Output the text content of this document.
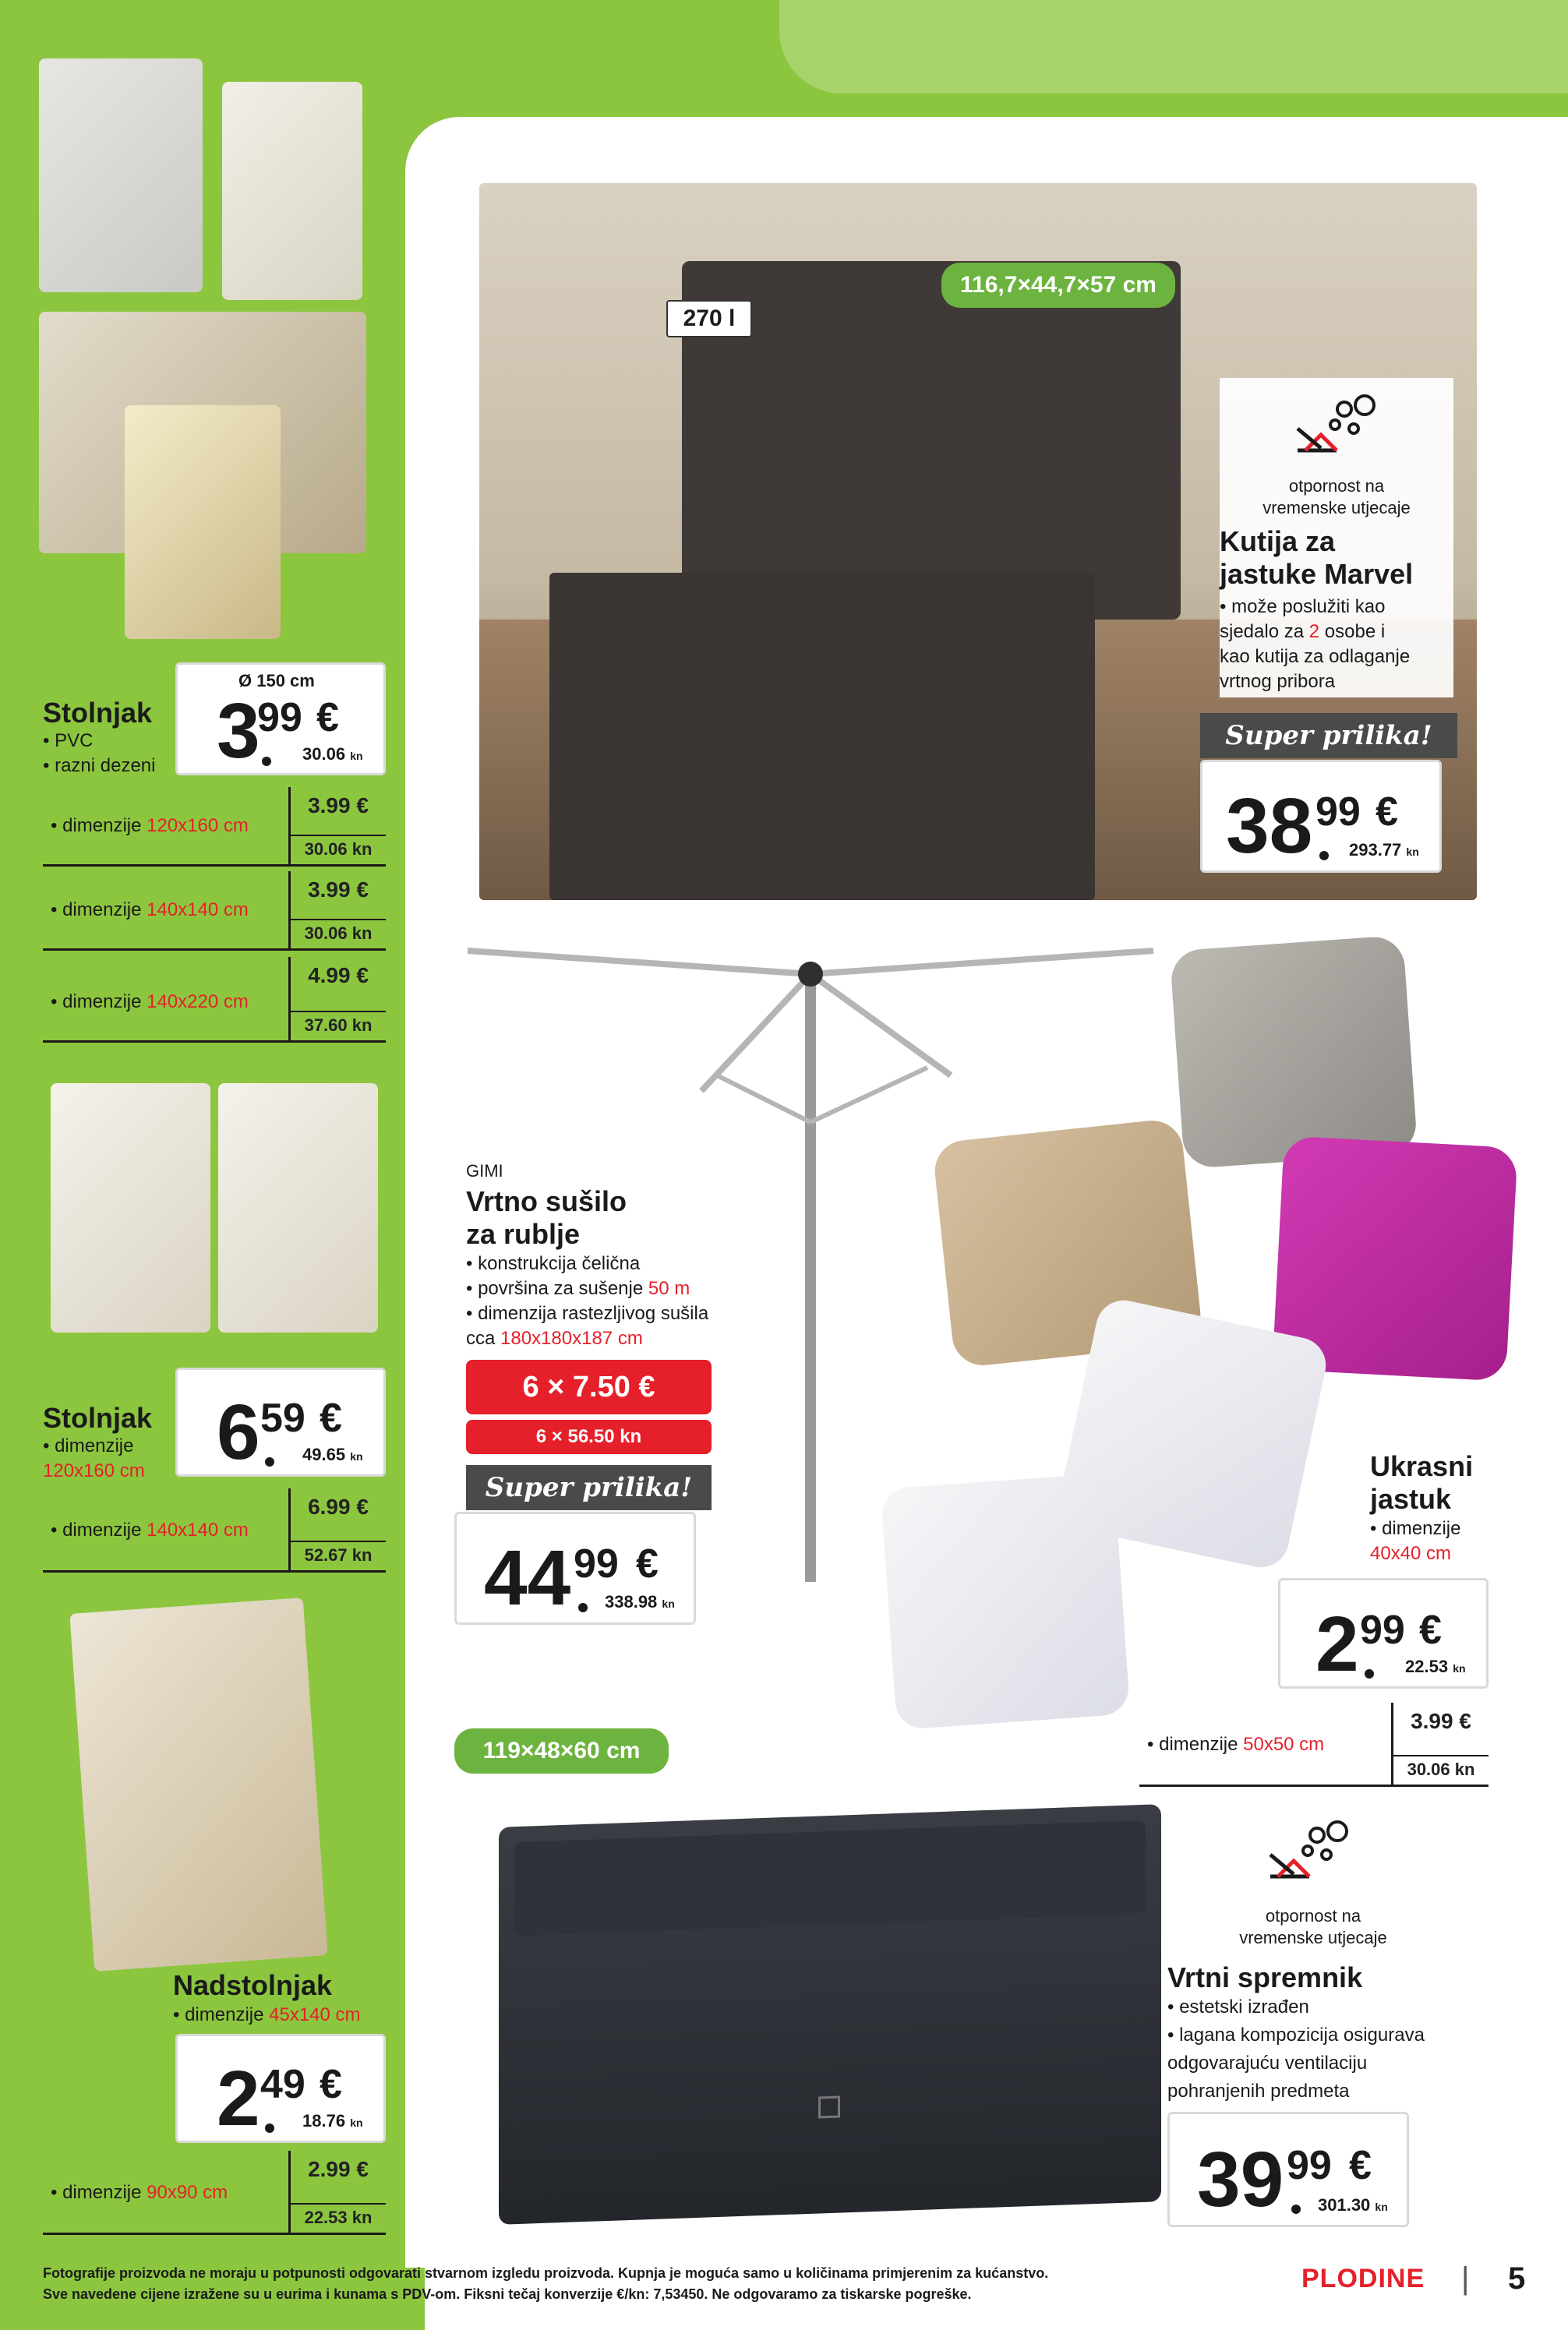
Stolnjak
• PVC
• razni dezeni
Ø 150 cm
3
99 €
30.06 kn
• dimenzije 120x160 cm
3.99 €
30.06 kn
• dimenzije 140x140 cm
3.99 €
30.06 kn
• dimenzije 140x220 cm
4.99 €
37.60 kn
Stolnjak
• dimenzije
120x160 cm 6 59 €
49.65 kn
• dimenzije 140x140 cm
6.99 €
52.67 kn
Nadstolnjak
• dimenzije 45x140 cm
2 49 €
18.76 kn
• dimenzije 90x90 cm
2.99 €
22.53 kn
270 l
116,7×44,7×57 cm
otpornost na
vremenske utjecaje
Kutija za
jastuke Marvel
• može poslužiti kao
sjedalo za 2 osobe i
kao kutija za odlaganje
vrtnog pribora
Super prilika!
38 99 €
293.77 kn
GIMI
Vrtno sušilo
za rublje
• konstrukcija čelična
• površina za sušenje 50 m
• dimenzija rastezljivog sušila
cca 180x180x187 cm
6 × 7.50 €
6 × 56.50 kn
Super prilika!
44 99 €
338.98 kn
Ukrasni
jastuk
• dimenzije
40x40 cm
2 99 €
22.53 kn
• dimenzije 50x50 cm
3.99 €
30.06 kn
119×48×60 cm
otpornost na
vremenske utjecaje
Vrtni spremnik
• estetski izrađen
• lagana kompozicija osigurava
odgovarajuću ventilaciju
pohranjenih predmeta
39 99 €
301.30 kn
Fotografije proizvoda ne moraju u potpunosti odgovarati stvarnom izgledu proizvoda. Kupnja je moguća samo u količinama primjerenim za kućanstvo.
Sve navedene cijene izražene su u eurima i kunama s PDV-om. Fiksni tečaj konverzije €/kn: 7,53450. Ne odgovaramo za tiskarske pogreške.
PLODINE | 5
